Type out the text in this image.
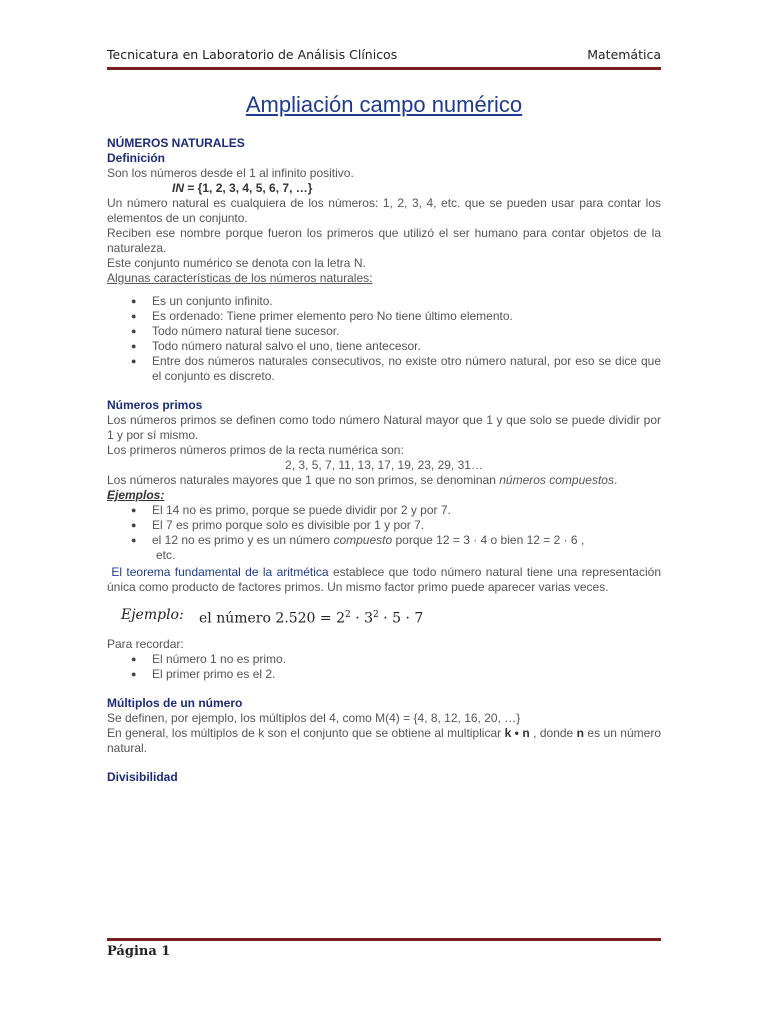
Tecnicatura en Laboratorio de Análisis Clínicos	Matemática
Ampliación campo numérico
NÚMEROS NATURALES
Definición
Son los números desde el 1 al infinito positivo.
IN = {1, 2, 3, 4, 5, 6, 7, …}
Un número natural es cualquiera de los números: 1, 2, 3, 4, etc. que se pueden usar para contar los elementos de un conjunto.
Reciben ese nombre porque fueron los primeros que utilizó el ser humano para contar objetos de la naturaleza.
Este conjunto numérico se denota con la letra N.
Algunas características de los números naturales:
● Es un conjunto infinito.
● Es ordenado: Tiene primer elemento pero No tiene último elemento.
● Todo número natural tiene sucesor.
● Todo número natural salvo el uno, tiene antecesor.
● Entre dos números naturales consecutivos, no existe otro número natural, por eso se dice que el conjunto es discreto.
Números primos
Los números primos se definen como todo número Natural mayor que 1 y que solo se puede dividir por 1 y por sí mismo.
Los primeros números primos de la recta numérica son:
2, 3, 5, 7, 11, 13, 17, 19, 23, 29, 31…
Los números naturales mayores que 1 que no son primos, se denominan números compuestos.
Ejemplos:
● El 14 no es primo, porque se puede dividir por 2 y por 7.
● El 7 es primo porque solo es divisible por 1 y por 7.
● el 12 no es primo y es un número compuesto porque 12 = 3 · 4 o bien 12 = 2 · 6 ,
etc.
El teorema fundamental de la aritmética establece que todo número natural tiene una representación única como producto de factores primos. Un mismo factor primo puede aparecer varias veces.
Ejemplo: el número $2.520 = 2^2 \cdot 3^2 \cdot 5 \cdot 7$
Para recordar:
● El número 1 no es primo.
● El primer primo es el 2.
Múltiplos de un número
Se definen, por ejemplo, los múltiplos del 4, como M(4) = {4, 8, 12, 16, 20, …}
En general, los múltiplos de k son el conjunto que se obtiene al multiplicar k • n , donde n es un número natural.
Divisibilidad
Página 1
